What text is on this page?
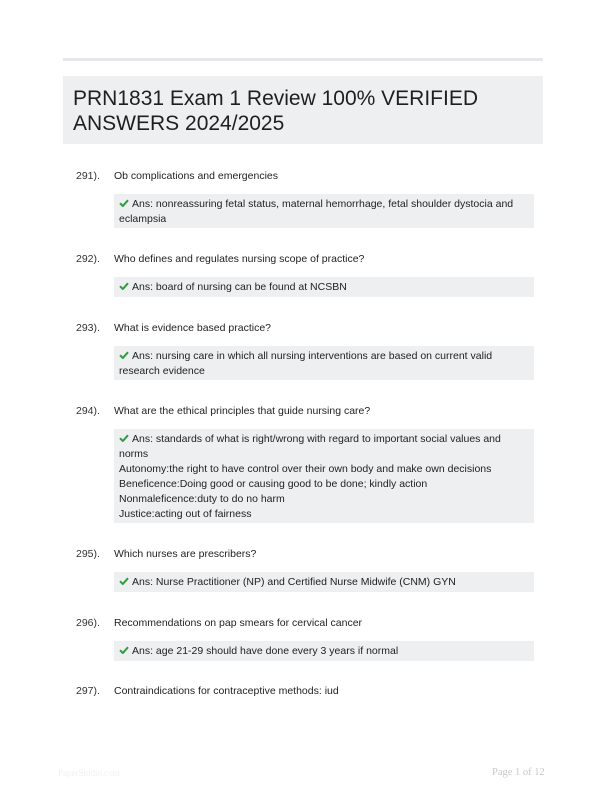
PRN1831 Exam 1 Review 100% VERIFIED ANSWERS 2024/2025
291). Ob complications and emergencies
Ans: nonreassuring fetal status, maternal hemorrhage, fetal shoulder dystocia and eclampsia
292). Who defines and regulates nursing scope of practice?
Ans: board of nursing can be found at NCSBN
293). What is evidence based practice?
Ans: nursing care in which all nursing interventions are based on current valid research evidence
294). What are the ethical principles that guide nursing care?
Ans: standards of what is right/wrong with regard to important social values and norms
Autonomy:the right to have control over their own body and make own decisions
Beneficence:Doing good or causing good to be done; kindly action
Nonmaleficence:duty to do no harm
Justice:acting out of fairness
295). Which nurses are prescribers?
Ans: Nurse Practitioner (NP) and Certified Nurse Midwife (CNM) GYN
296). Recommendations on pap smears for cervical cancer
Ans: age 21-29 should have done every 3 years if normal
297). Contraindications for contraceptive methods: iud
PaperStudio.com	Page 1 of 12
